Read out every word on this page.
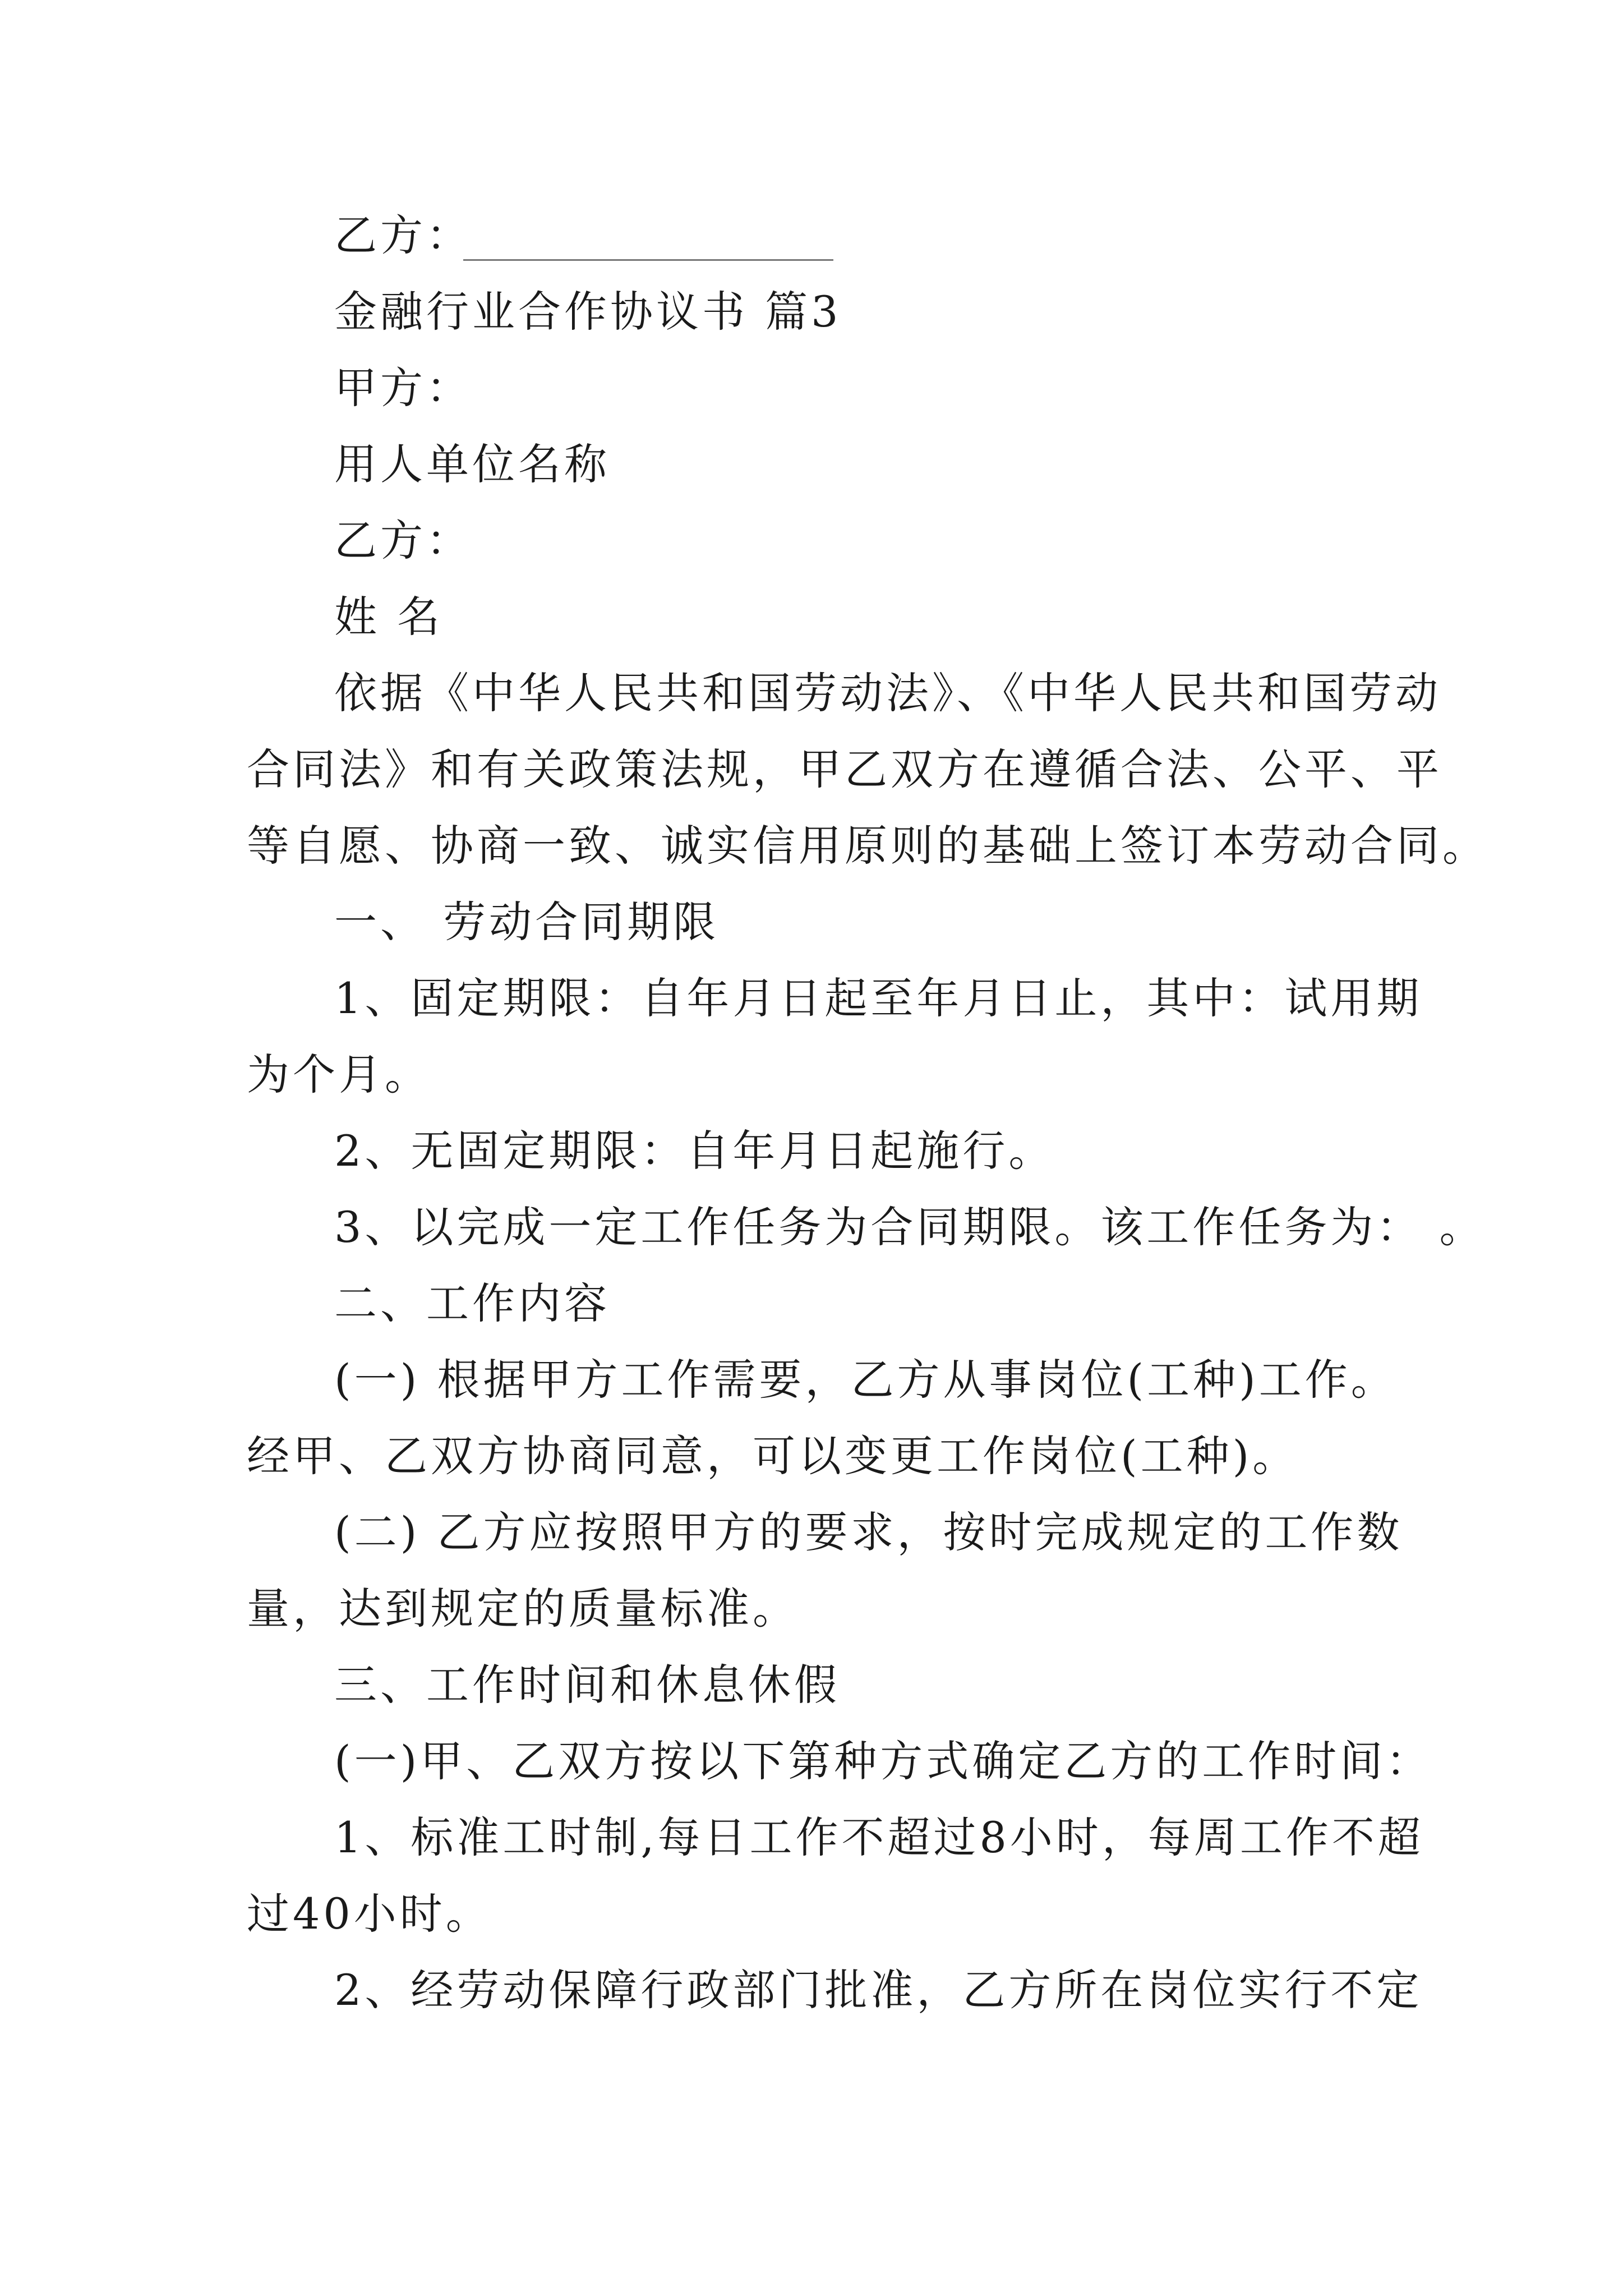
乙方：
金融行业合作协议书 篇3
甲方：
用人单位名称
乙方：
姓 名
依据《中华人民共和国劳动法》、《中华人民共和国劳动
合同法》和有关政策法规，甲乙双方在遵循合法、公平、平
等自愿、协商一致、诚实信用原则的基础上签订本劳动合同。
一、 劳动合同期限
1、固定期限：自年月日起至年月日止，其中：试用期
为个月。
2、无固定期限：自年月日起施行。
3、以完成一定工作任务为合同期限。该工作任务为： 。
二、工作内容
(一) 根据甲方工作需要，乙方从事岗位(工种)工作。
经甲、乙双方协商同意，可以变更工作岗位(工种)。
(二) 乙方应按照甲方的要求，按时完成规定的工作数
量，达到规定的质量标准。
三、工作时间和休息休假
(一)甲、乙双方按以下第种方式确定乙方的工作时间：
1、标准工时制,每日工作不超过8小时，每周工作不超
过40小时。
2、经劳动保障行政部门批准，乙方所在岗位实行不定
